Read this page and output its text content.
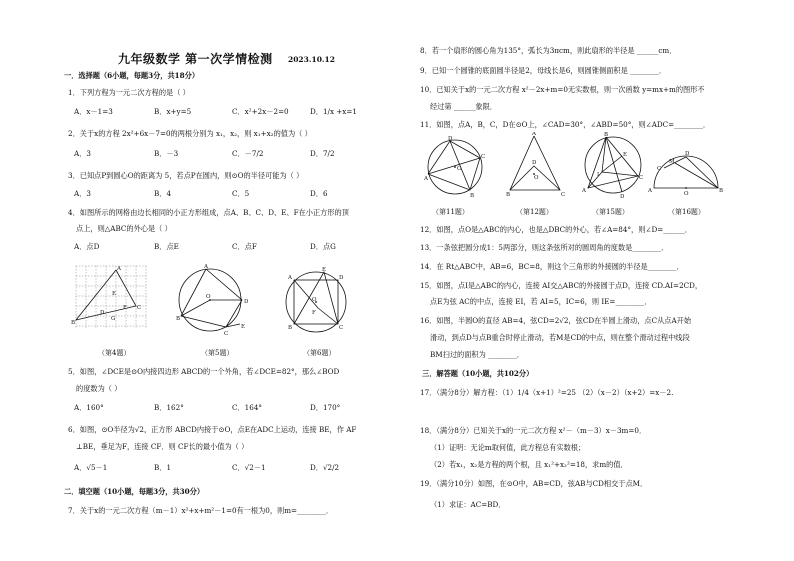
九年级数学 第一次学情检测 2023.10.12
一．选择题（6小题，每题3分，共18分）
1．下列方程为一元二次方程的是（ ）
A．x－1=3	B．x+y=5	C．x²+2x－2=0	D．1/x +x=1
2．关于x的方程 2x²+6x－7=0的两根分别为 x₁，x₂，则 x₁+x₂的值为（ ）
A．3	B．－3	C．－7/2	D．7/2
3．已知点P到圆心O的距离为 5，若点P在圆内，则⊙O的半径可能为（ ）
A．3	B．4	C．5	D．6
4．如图所示的网格由边长相同的小正方形组成，点A、B、C、D、E、F在小正方形的顶
点上，则△ABC的外心是（ ）
A．点D	B．点E	C．点F	D．点G
A
B
C
D
E
F
G
（第4题）
A
B
C
D
E
O
（第5题）
A
B	C
D
E
F
O
（第6题）
5．如图，∠DCE是⊙O内接四边形 ABCD的一个外角，若∠DCE=82°，那么∠BOD
的度数为（ ）
A．160°	B．162°	C．164°	D．170°
6．如图，⊙O半径为√2，正方形 ABCD内接于⊙O，点E在ADC上运动，连接 BE，作 AF
⊥BE，垂足为F，连接 CF．则 CF长的最小值为（ ）
A．√5－1	B．1	C．√2－1	D．√2/2
二．填空题（10小题，每题3分，共30分）
7．关于x的一元二次方程（m－1）x²+x+m²－1=0有一根为0，则m=________．
8．若一个扇形的圆心角为135°，弧长为3πcm，则此扇形的半径是 ______cm．
9．已知一个圆锥的底面圆半径是2，母线长是6，则圆锥侧面积是 ________．
10．已知关于x的一元二次方程 x²－2x+m=0无实数根，则一次函数 y=mx+m的图形不
经过第 ______象限．
11．如图，点A，B，C，D在⊙O上，∠CAD=30°，∠ABD=50°，则∠ADC=________．
A
D
C
B
O
（第11题）
A
B	C
D
O
（第12题）
B
A
C
D
I
E
（第15题）
A	B
C
D
M
O
（第16题）
12．如图，点O是△ABC的内心，也是△DBC的外心，若∠A=84°，则∠D=______．
13．一条弦把圆分成1：5两部分，则这条弦所对的圆周角的度数是________．
14．在 Rt△ABC中，AB=6，BC=8，则这个三角形的外接圆的半径是________．
15．如图，点I是△ABC的内心，连接 AI交△ABC的外接圆于点D，连接 CD.AI=2CD，
点E为弦 AC的中点，连接 EI，若 AI=5，IC=6，则 IE=________．
16．如图，半圆O的直径 AB=4，弦CD=2√2，弦CD在半圆上滑动，点C从点A开始
滑动，到点D与点B重合时停止滑动，若M是CD的中点，则在整个滑动过程中线段
BM扫过的面积为 ________．
三．解答题（10小题，共102分）
17．（满分8分）解方程：（1）1/4（x+1）²=25 （2）（x－2）（x+2）=x－2.
18．（满分8分）已知关于x的一元二次方程 x²－（m－3）x－3m=0．
（1）证明：无论m取何值，此方程总有实数根；
（2）若x₁，x₂是方程的两个根，且 x₁²+x₂²=18，求m的值．
19．（满分10分）如图，在⊙O中，AB=CD，弦AB与CD相交于点M．
（1）求证：AC=BD．
